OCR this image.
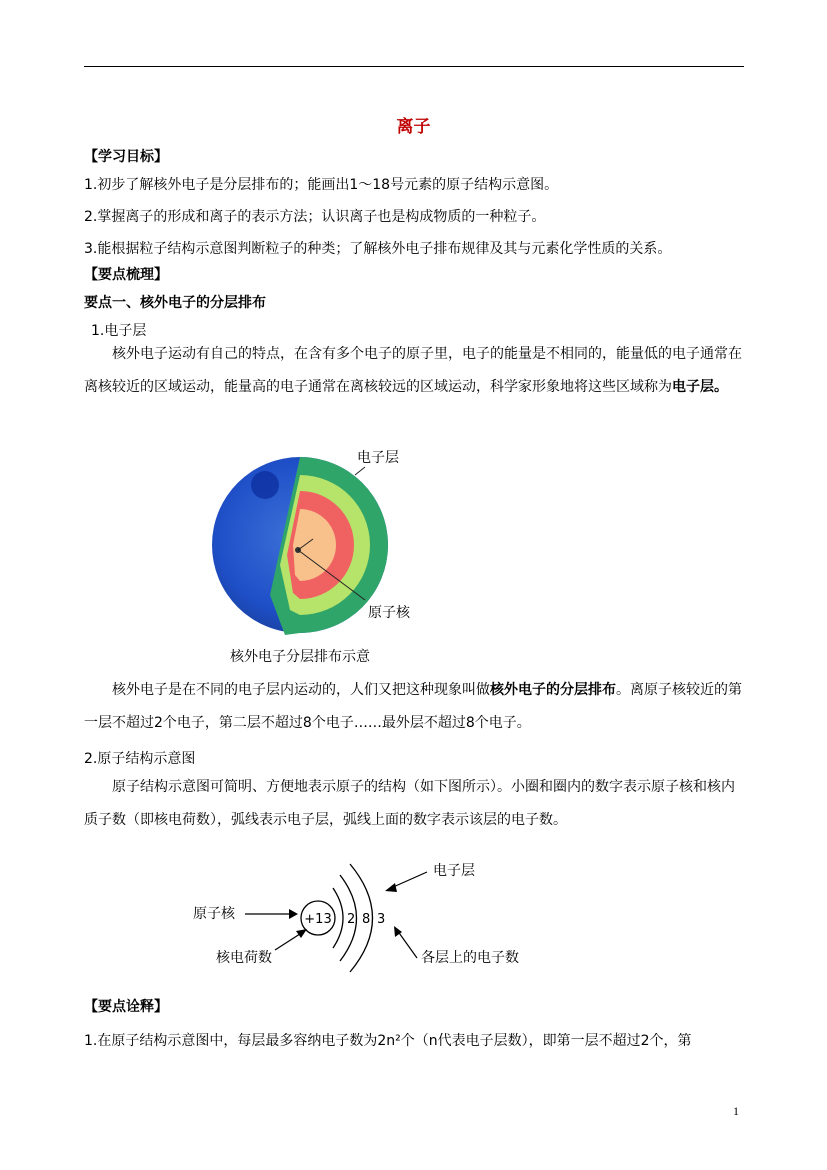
离子
【学习目标】
1.初步了解核外电子是分层排布的；能画出1～18号元素的原子结构示意图。
2.掌握离子的形成和离子的表示方法；认识离子也是构成物质的一种粒子。
3.能根据粒子结构示意图判断粒子的种类；了解核外电子排布规律及其与元素化学性质的关系。
【要点梳理】
要点一、核外电子的分层排布
1.电子层
核外电子运动有自己的特点，在含有多个电子的原子里，电子的能量是不相同的，能量低的电子通常在离核较近的区域运动，能量高的电子通常在离核较远的区域运动，科学家形象地将这些区域称为电子层。
电子层
原子核
核外电子分层排布示意
核外电子是在不同的电子层内运动的，人们又把这种现象叫做核外电子的分层排布。离原子核较近的第一层不超过2个电子，第二层不超过8个电子……最外层不超过8个电子。
2.原子结构示意图
原子结构示意图可简明、方便地表示原子的结构（如下图所示）。小圈和圈内的数字表示原子核和核内质子数（即核电荷数），弧线表示电子层，弧线上面的数字表示该层的电子数。
+13 2 8 3
原子核
核电荷数
电子层
各层上的电子数
【要点诠释】
1.在原子结构示意图中，每层最多容纳电子数为2n²个（n代表电子层数），即第一层不超过2个，第
1
